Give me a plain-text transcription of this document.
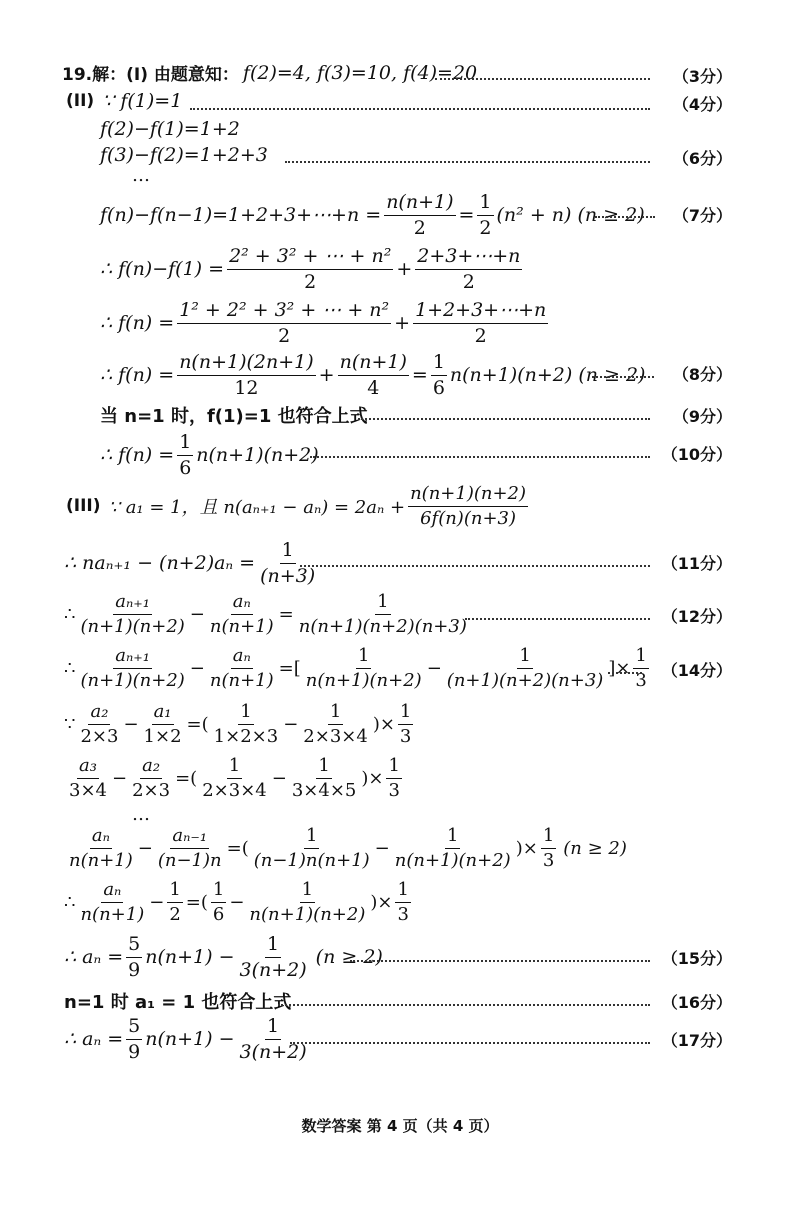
19.解： (I) 由题意知： f(2)=4, f(3)=10, f(4)=20	（3分）
(II) ∵ f(1)=1	（4分）
f(2)−f(1)=1+2
f(3)−f(2)=1+2+3	（6分）
…
f(n)−f(n−1)=1+2+3+⋯+n = $\frac{n(n+1)}{2} = \frac{1}{2} (n^2 + n) (n \ge 2)$ （7分）
∴ $f(n)-f(1) = \frac{\text{2² + 3² + ⋯ + n²}}{2} + \frac{2+3+\cdots+n}{2}$
∴ $f(n) = \frac{\text{1² + 2² + 3² + ⋯ + n²}}{2} + \frac{1+2+3+\cdots+n}{2}$
∴ $f(n) = \frac{n(n+1)(2n+1)}{12} + \frac{n(n+1)}{4} = \frac{1}{6} n(n+1)(n+2) (n \ge 2)$ （8分）
当 n=1 时，f(1)=1 也符合上式	（9分）
∴ $f(n) = \frac{1}{6} n(n+1)(n+2)$	（10分）
(III) ∵ a₁ = 1，且 $n(a_{n+1} - a_n) = 2a_n + \frac{n(n+1)(n+2)}{6f(n)(n+3)}$
∴ $na_{n+1} - (n+2)a_n = \frac{1}{(n+3)}$	（11分）
∴ $\frac{\text{aₙ₊₁}}{(n+1)(n+2)} - \frac{\text{aₙ}}{n(n+1)} = \frac{1}{n(n+1)(n+2)(n+3)}$	（12分）
∴ $\frac{\text{aₙ₊₁}}{(n+1)(n+2)} - \frac{\text{aₙ}}{n(n+1)}$ =[ $\frac{1}{n(n+1)(n+2)} - \frac{1}{(n+1)(n+2)(n+3)}$ ]× $\frac{1}{3} (14$分）
∵ $\frac{\text{a₂}}{2\times 3} - \frac{\text{a₁}}{1\times 2}$ =( $\frac{1}{1\times 2\times 3} - \frac{1}{2\times 3\times 4}$ )× $\frac{1}{3}$
$\frac{\text{a₃}}{3\times 4} - \frac{\text{a₂}}{2\times 3}$ =( $\frac{1}{2\times 3\times 4} - \frac{1}{3\times 4\times 5}$ )× $\frac{1}{3}$
…
$\frac{\text{aₙ}}{n(n+1)} - \frac{\text{aₙ₋₁}}{(n-1)n}$ =( $\frac{1}{(n-1)n(n+1)} - \frac{1}{n(n+1)(n+2)}$ )× $\frac{1}{3} (n \ge 2)$
∴ $\frac{\text{aₙ}}{n(n+1)} - \frac{1}{2}$ =( $\frac{1}{6} - \frac{1}{n(n+1)(n+2)}$ )× $\frac{1}{3}$
∴ $a_n = \frac{5}{9} n(n+1) - \frac{1}{3(n+2)} (n \ge 2)$	（15分）
n=1 时 a₁ = 1 也符合上式	（16分）
∴ $a_n = \frac{5}{9} n(n+1) - \frac{1}{3(n+2)}$	（17分）
数学答案 第 4 页（共 4 页）
